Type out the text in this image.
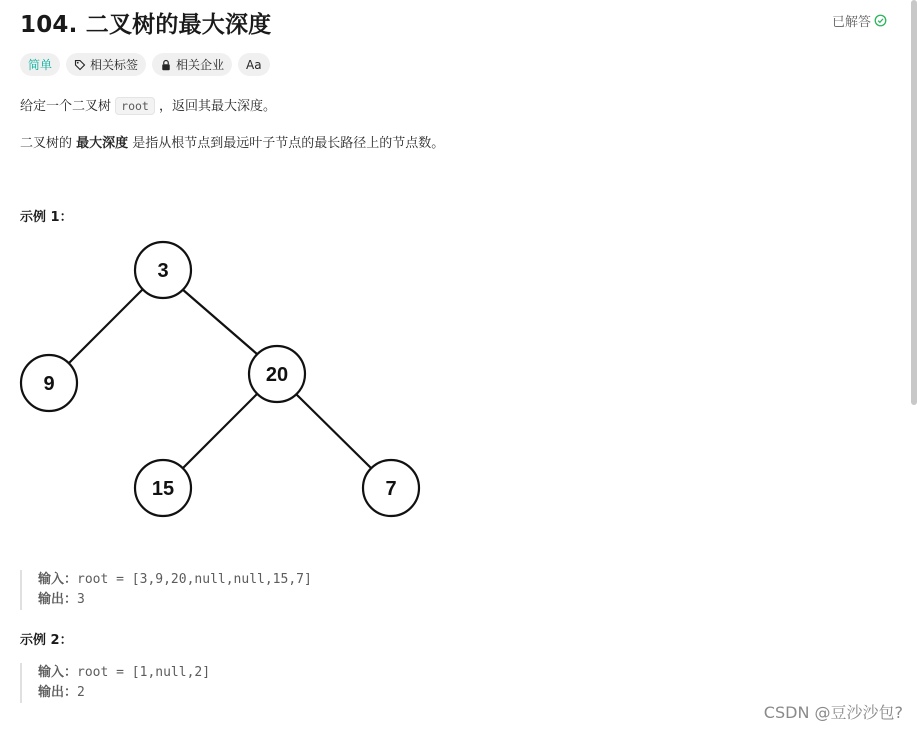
104. 二叉树的最大深度	已解答
简单	相关标签	相关企业 Aa

给定一个二叉树 root ，返回其最大深度。

二叉树的 最大深度 是指从根节点到最远叶子节点的最长路径上的节点数。

示例 1：

3
9	20
15	7
输入：root = [3,9,20,null,null,15,7]
输出：3

示例 2：

输入：root = [1,null,2]
输出：2
CSDN @豆沙沙包?
